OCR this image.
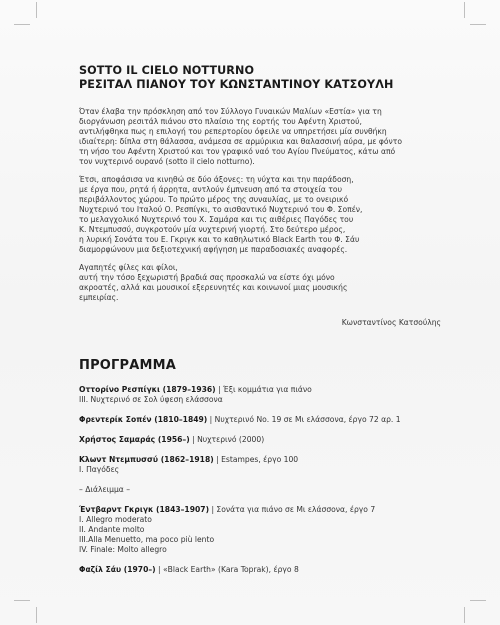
SOTTO IL CIELO NOTTURNO
ΡΕΣΙΤΑΛ ΠΙΑΝΟΥ ΤΟΥ ΚΩΝΣΤΑΝΤΙΝΟΥ ΚΑΤΣΟΥΛΗ

Όταν έλαβα την πρόσκληση από τον Σύλλογο Γυναικών Μαλίων «Εστία» για τη
διοργάνωση ρεσιτάλ πιάνου στο πλαίσιο της εορτής του Αφέντη Χριστού,
αντιλήφθηκα πως η επιλογή του ρεπερτορίου όφειλε να υπηρετήσει μία συνθήκη
ιδιαίτερη: δίπλα στη θάλασσα, ανάμεσα σε αρμύρικια και θαλασσινή αύρα, με φόντο
τη νήσο του Αφέντη Χριστού και τον γραφικό ναό του Αγίου Πνεύματος, κάτω από
τον νυχτερινό ουρανό (sotto il cielo notturno).

Έτσι, αποφάσισα να κινηθώ σε δύο άξονες: τη νύχτα και την παράδοση,
με έργα που, ρητά ή άρρητα, αντλούν έμπνευση από τα στοιχεία του
περιβάλλοντος χώρου. Το πρώτο μέρος της συναυλίας, με το ονειρικό
Νυχτερινό του Ιταλού Ο. Ρεσπίγκι, το αισθαντικό Νυχτερινό του Φ. Σοπέν,
το μελαγχολικό Νυχτερινό του Χ. Σαμάρα και τις αιθέριες Παγόδες του
Κ. Ντεμπυσσύ, συγκροτούν μία νυχτερινή γιορτή. Στο δεύτερο μέρος,
η λυρική Σονάτα του Ε. Γκριγκ και το καθηλωτικό Black Earth του Φ. Σάυ
διαμορφώνουν μια δεξιοτεχνική αφήγηση με παραδοσιακές αναφορές.

Αγαπητές φίλες και φίλοι,
αυτή την τόσο ξεχωριστή βραδιά σας προσκαλώ να είστε όχι μόνο
ακροατές, αλλά και μουσικοί εξερευνητές και κοινωνοί μιας μουσικής
εμπειρίας.

Κωνσταντίνος Κατσούλης
ΠΡΟΓΡΑΜΜΑ
Οττορίνο Ρεσπίγκι (1879–1936) | Έξι κομμάτια για πιάνο
III. Νυχτερινό σε Σολ ύφεση ελάσσονα
Φρεντερίκ Σοπέν (1810–1849) | Νυχτερινό Νο. 19 σε Μι ελάσσονα, έργο 72 αρ. 1
Χρήστος Σαμαράς (1956–) | Νυχτερινό (2000)
Κλωντ Ντεμπυσσύ (1862–1918) | Estampes, έργο 100
I. Παγόδες
– Διάλειμμα –
Έντβαρντ Γκριγκ (1843–1907) | Σονάτα για πιάνο σε Μι ελάσσονα, έργο 7
I. Allegro moderato
II. Andante molto
III.Alla Menuetto, ma poco più lento
IV. Finale: Molto allegro
Φαζίλ Σάυ (1970–) | «Black Earth» (Kara Toprak), έργο 8
